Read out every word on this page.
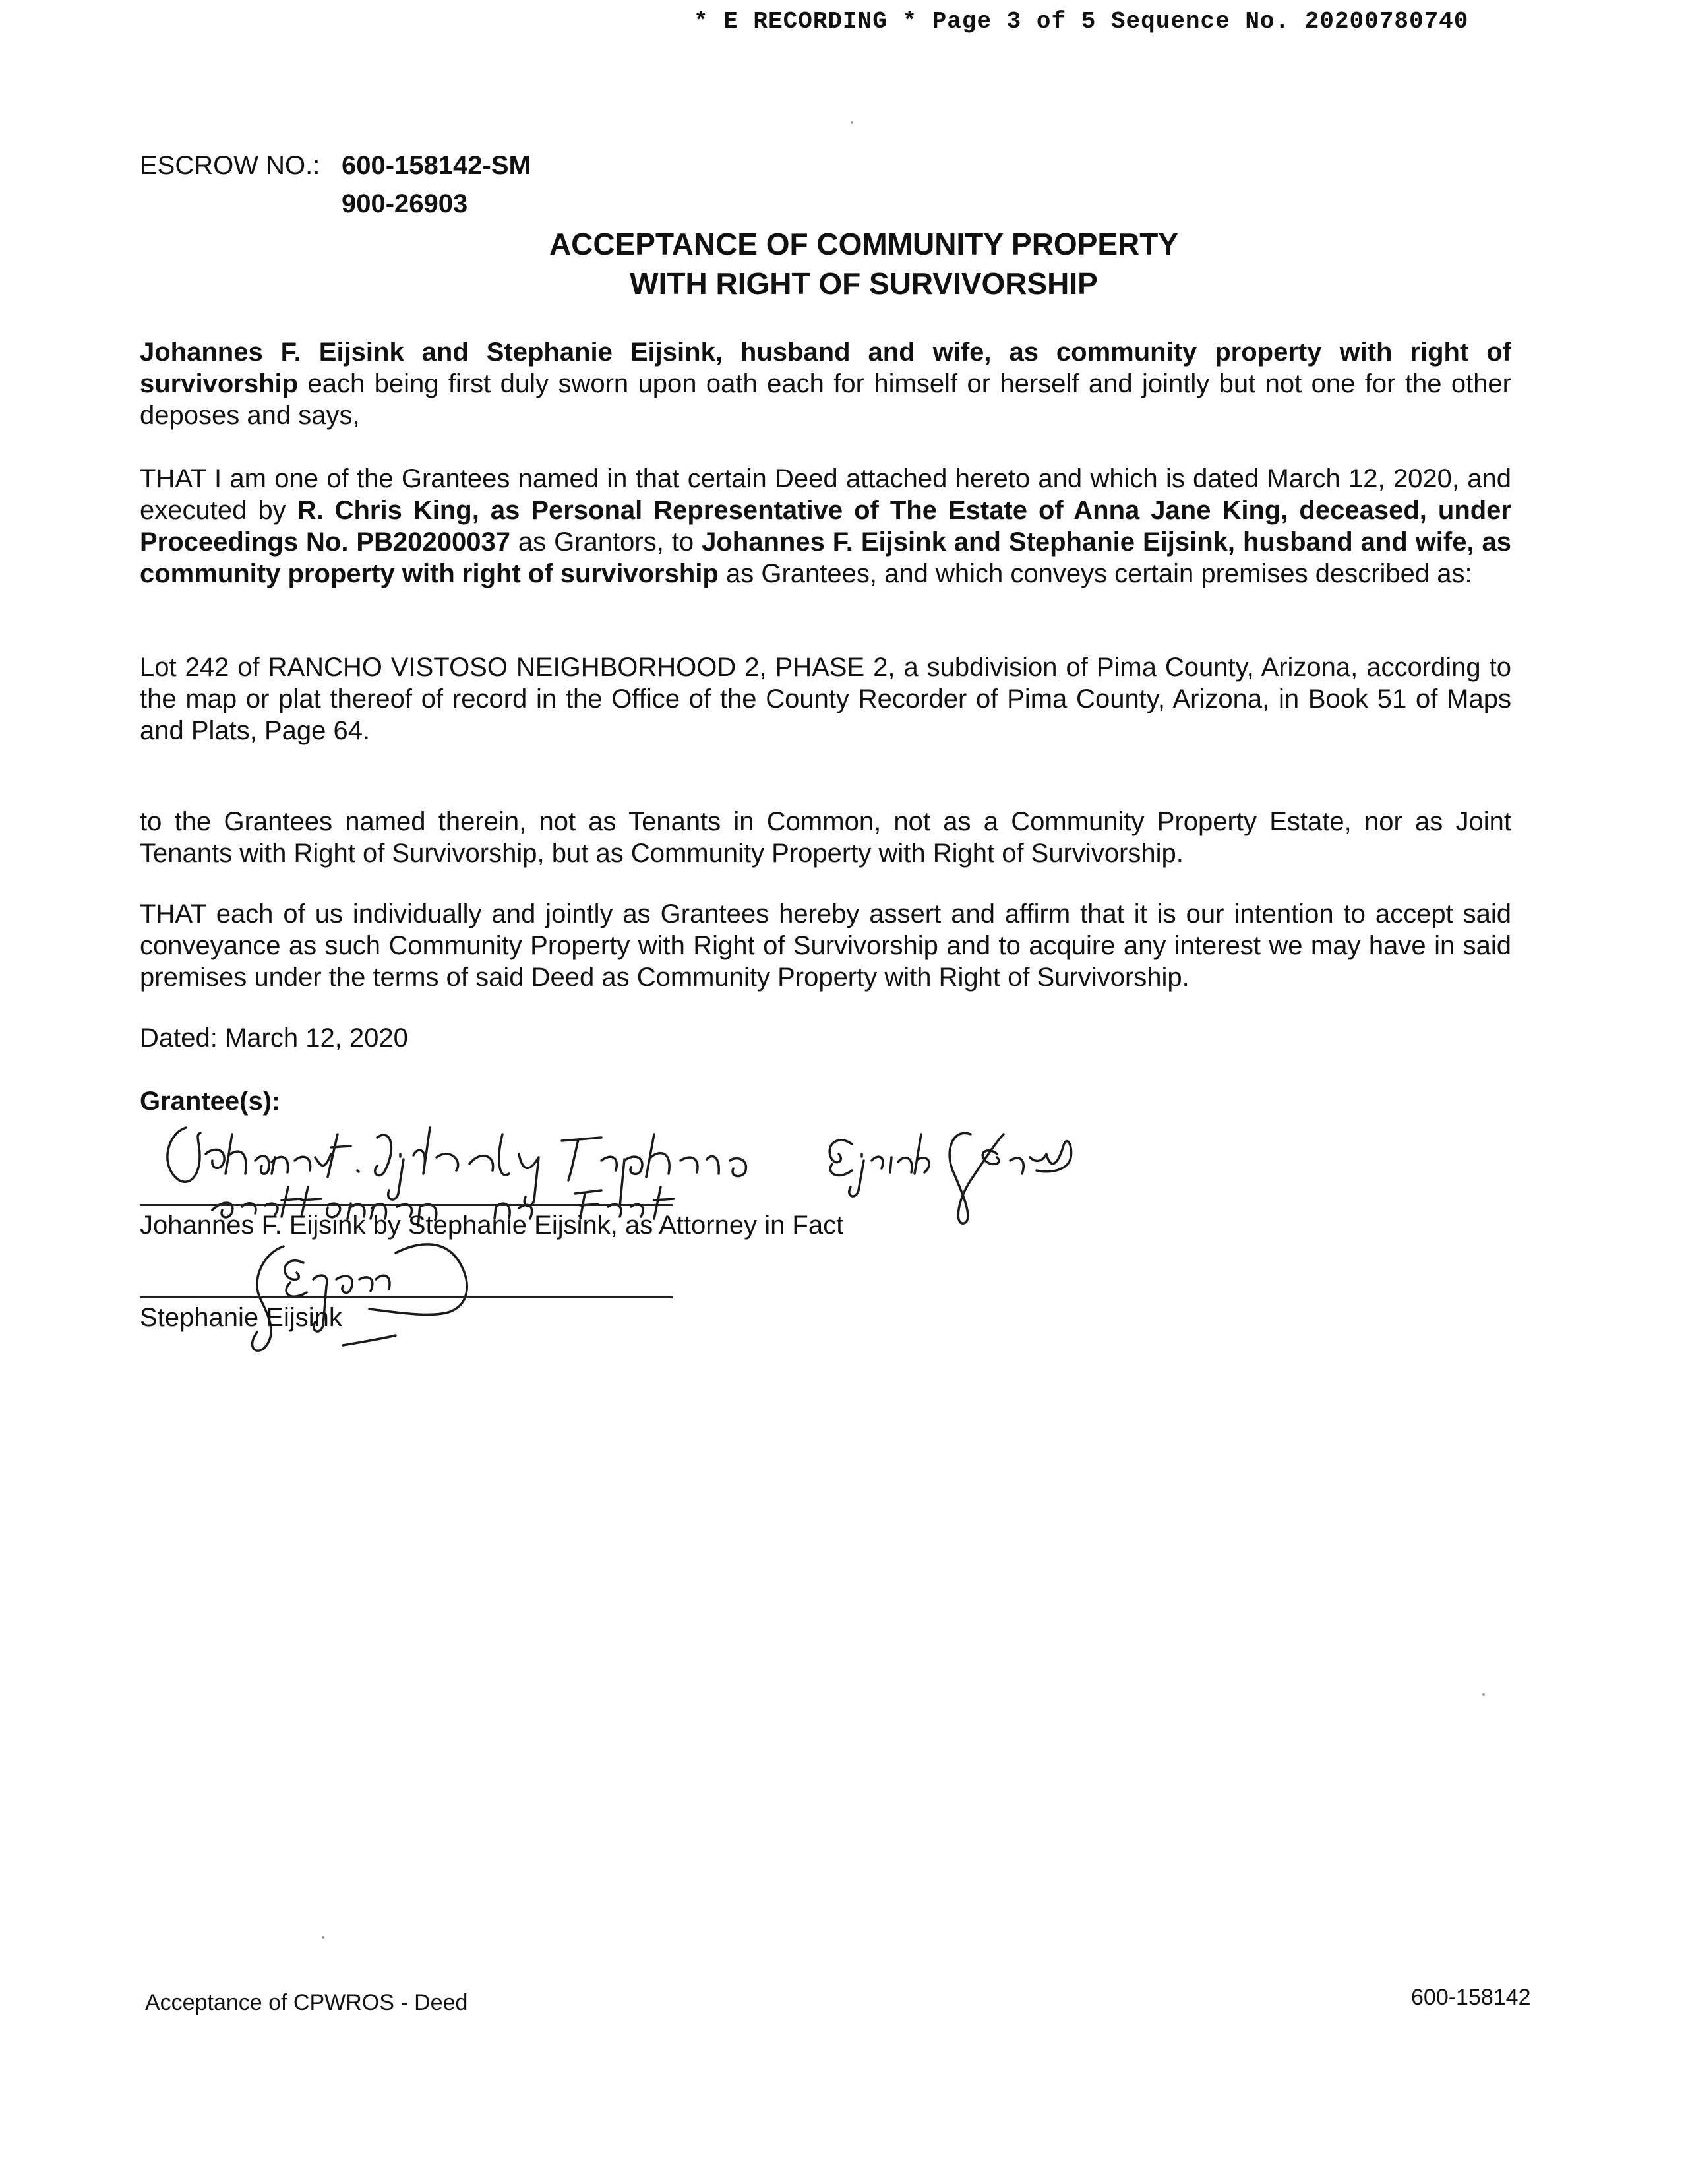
* E RECORDING * Page 3 of 5 Sequence No. 20200780740
ESCROW NO.: 600-158142-SM
900-26903
ACCEPTANCE OF COMMUNITY PROPERTY
WITH RIGHT OF SURVIVORSHIP
Johannes F. Eijsink and Stephanie Eijsink, husband and wife, as community property with right of survivorship each being first duly sworn upon oath each for himself or herself and jointly but not one for the other deposes and says,
THAT I am one of the Grantees named in that certain Deed attached hereto and which is dated March 12, 2020, and executed by R. Chris King, as Personal Representative of The Estate of Anna Jane King, deceased, under Proceedings No. PB20200037 as Grantors, to Johannes F. Eijsink and Stephanie Eijsink, husband and wife, as community property with right of survivorship as Grantees, and which conveys certain premises described as:
Lot 242 of RANCHO VISTOSO NEIGHBORHOOD 2, PHASE 2, a subdivision of Pima County, Arizona, according to the map or plat thereof of record in the Office of the County Recorder of Pima County, Arizona, in Book 51 of Maps and Plats, Page 64.
to the Grantees named therein, not as Tenants in Common, not as a Community Property Estate, nor as Joint Tenants with Right of Survivorship, but as Community Property with Right of Survivorship.
THAT each of us individually and jointly as Grantees hereby assert and affirm that it is our intention to accept said conveyance as such Community Property with Right of Survivorship and to acquire any interest we may have in said premises under the terms of said Deed as Community Property with Right of Survivorship.
Dated: March 12, 2020
Grantee(s):
Johannes F. Eijsink by Stephanie Eijsink, as Attorney in Fact
Stephanie Eijsink
Acceptance of CPWROS - Deed	600-158142
